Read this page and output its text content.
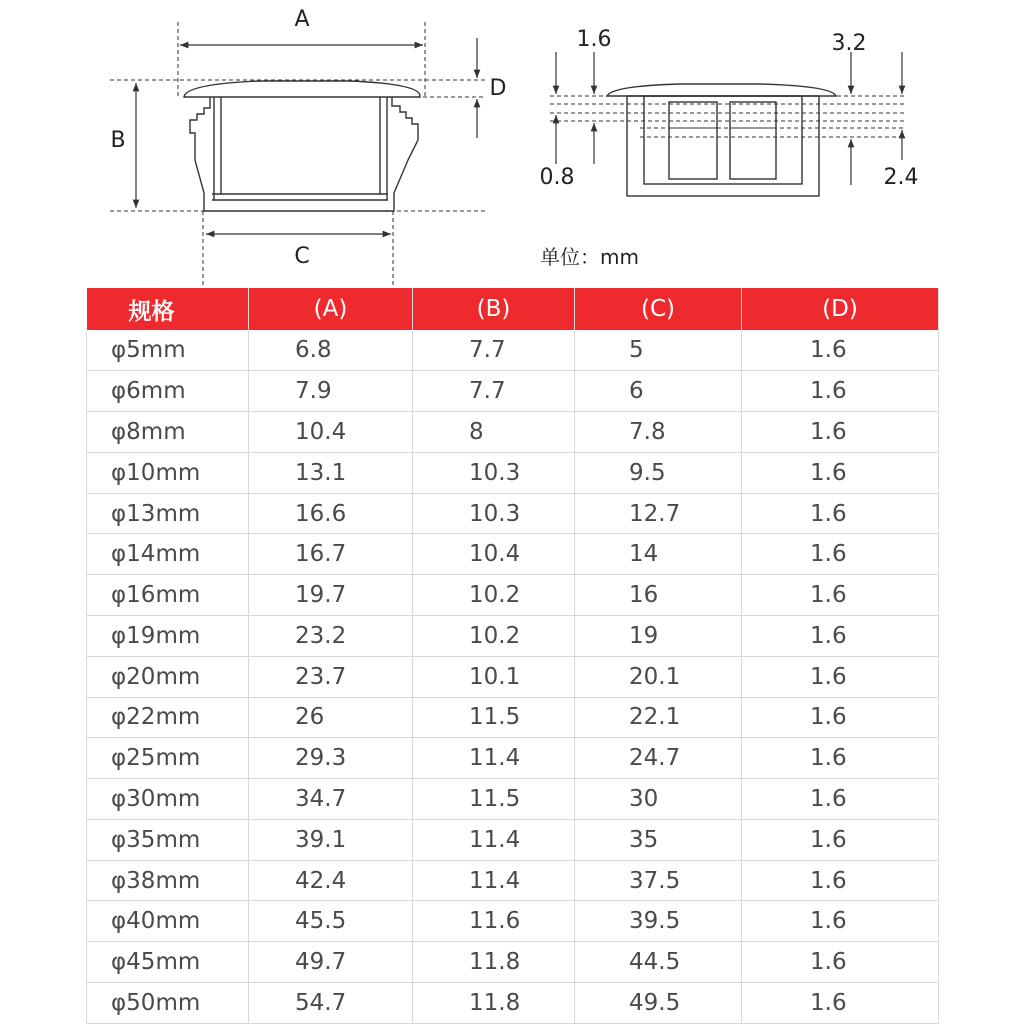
A
B
C
D
1.6	3.2
0.8	2.4
单位：mm
规格	(A)	(B)	(C)	(D)
φ5mm	6.8	7.7	5	1.6
φ6mm	7.9	7.7	6	1.6
φ8mm	10.4	8	7.8	1.6
φ10mm	13.1	10.3	9.5	1.6
φ13mm	16.6	10.3	12.7	1.6
φ14mm	16.7	10.4	14	1.6
φ16mm	19.7	10.2	16	1.6
φ19mm	23.2	10.2	19	1.6
φ20mm	23.7	10.1	20.1	1.6
φ22mm	26	11.5	22.1	1.6
φ25mm	29.3	11.4	24.7	1.6
φ30mm	34.7	11.5	30	1.6
φ35mm	39.1	11.4	35	1.6
φ38mm	42.4	11.4	37.5	1.6
φ40mm	45.5	11.6	39.5	1.6
φ45mm	49.7	11.8	44.5	1.6
φ50mm	54.7	11.8	49.5	1.6
